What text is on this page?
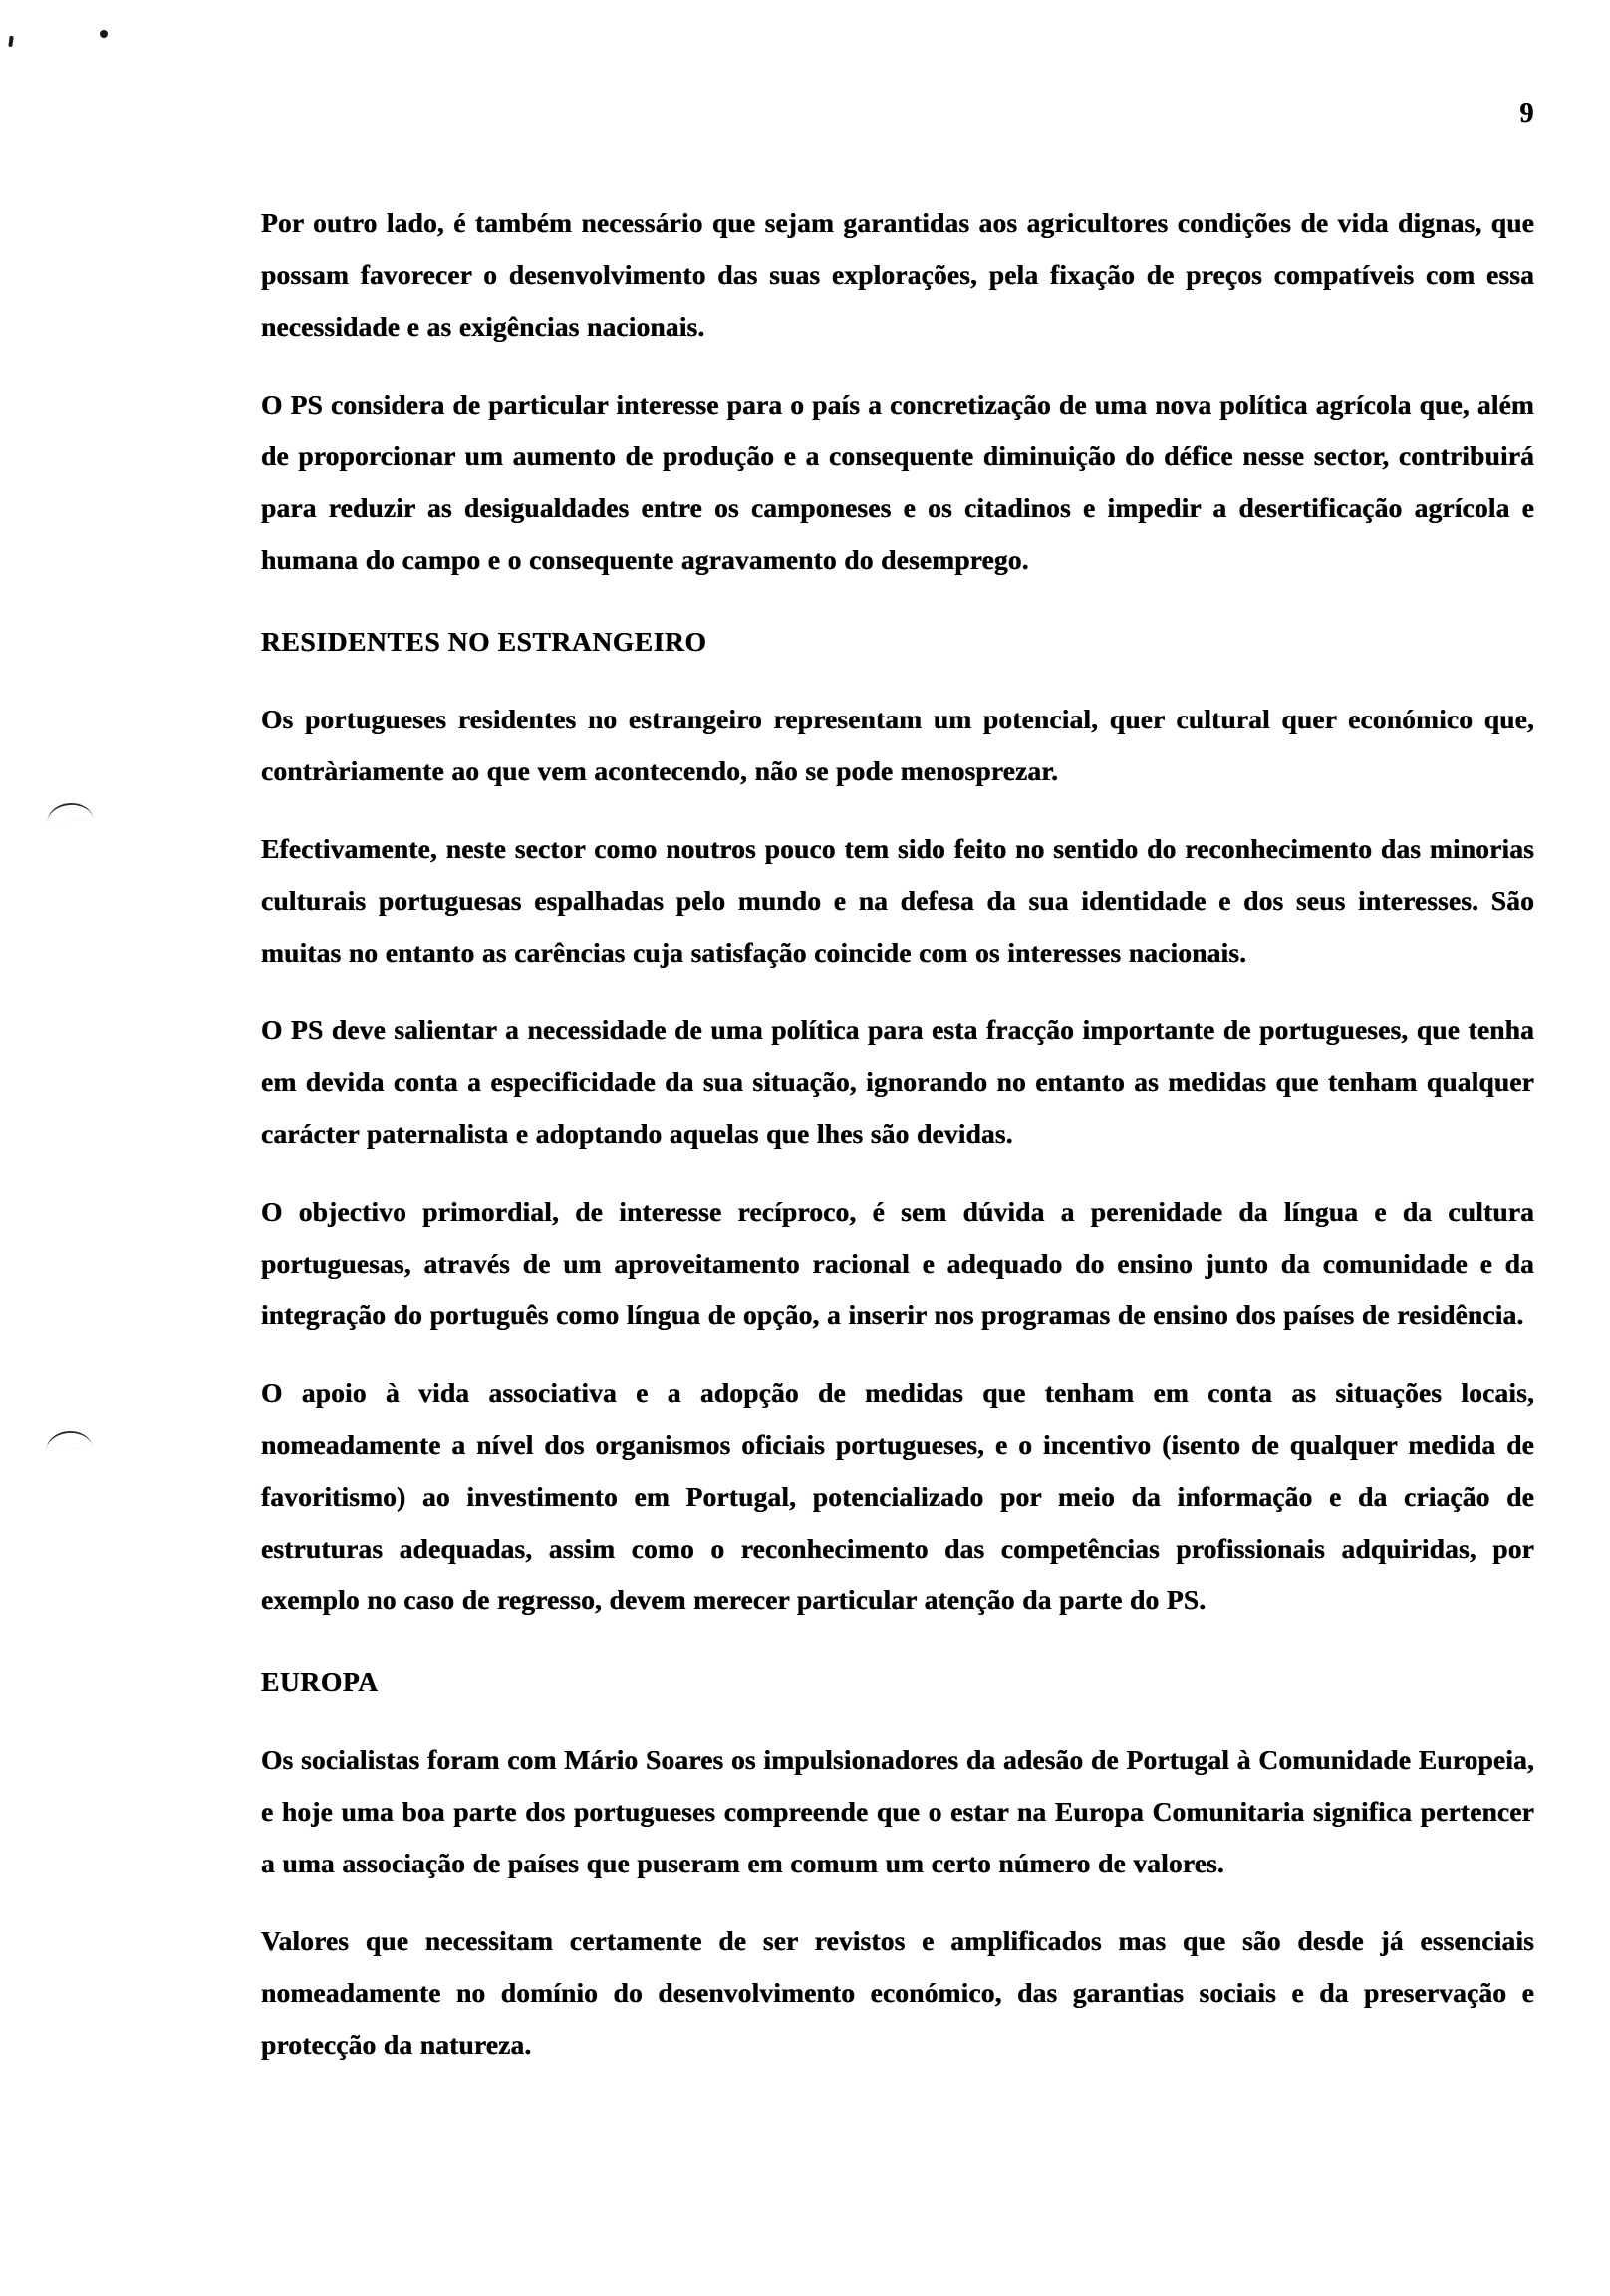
9

Por outro lado, é também necessário que sejam garantidas aos agricultores condições de vida dignas, que possam favorecer o desenvolvimento das suas explorações, pela fixação de preços compatíveis com essa necessidade e as exigências nacionais.

O PS considera de particular interesse para o país a concretização de uma nova política agrícola que, além de proporcionar um aumento de produção e a consequente diminuição do défice nesse sector, contribuirá para reduzir as desigualdades entre os camponeses e os citadinos e impedir a desertificação agrícola e humana do campo e o consequente agravamento do desemprego.

RESIDENTES NO ESTRANGEIRO

Os portugueses residentes no estrangeiro representam um potencial, quer cultural quer económico que, contràriamente ao que vem acontecendo, não se pode menosprezar.

Efectivamente, neste sector como noutros pouco tem sido feito no sentido do reconhecimento das minorias culturais portuguesas espalhadas pelo mundo e na defesa da sua identidade e dos seus interesses. São muitas no entanto as carências cuja satisfação coincide com os interesses nacionais.

O PS deve salientar a necessidade de uma política para esta fracção importante de portugueses, que tenha em devida conta a especificidade da sua situação, ignorando no entanto as medidas que tenham qualquer carácter paternalista e adoptando aquelas que lhes são devidas.

O objectivo primordial, de interesse recíproco, é sem dúvida a perenidade da língua e da cultura portuguesas, através de um aproveitamento racional e adequado do ensino junto da comunidade e da integração do português como língua de opção, a inserir nos programas de ensino dos países de residência.

O apoio à vida associativa e a adopção de medidas que tenham em conta as situações locais, nomeadamente a nível dos organismos oficiais portugueses, e o incentivo (isento de qualquer medida de favoritismo) ao investimento em Portugal, potencializado por meio da informação e da criação de estruturas adequadas, assim como o reconhecimento das competências profissionais adquiridas, por exemplo no caso de regresso, devem merecer particular atenção da parte do PS.

EUROPA

Os socialistas foram com Mário Soares os impulsionadores da adesão de Portugal à Comunidade Europeia, e hoje uma boa parte dos portugueses compreende que o estar na Europa Comunitaria significa pertencer a uma associação de países que puseram em comum um certo número de valores.

Valores que necessitam certamente de ser revistos e amplificados mas que são desde já essenciais nomeadamente no domínio do desenvolvimento económico, das garantias sociais e da preservação e protecção da natureza.
